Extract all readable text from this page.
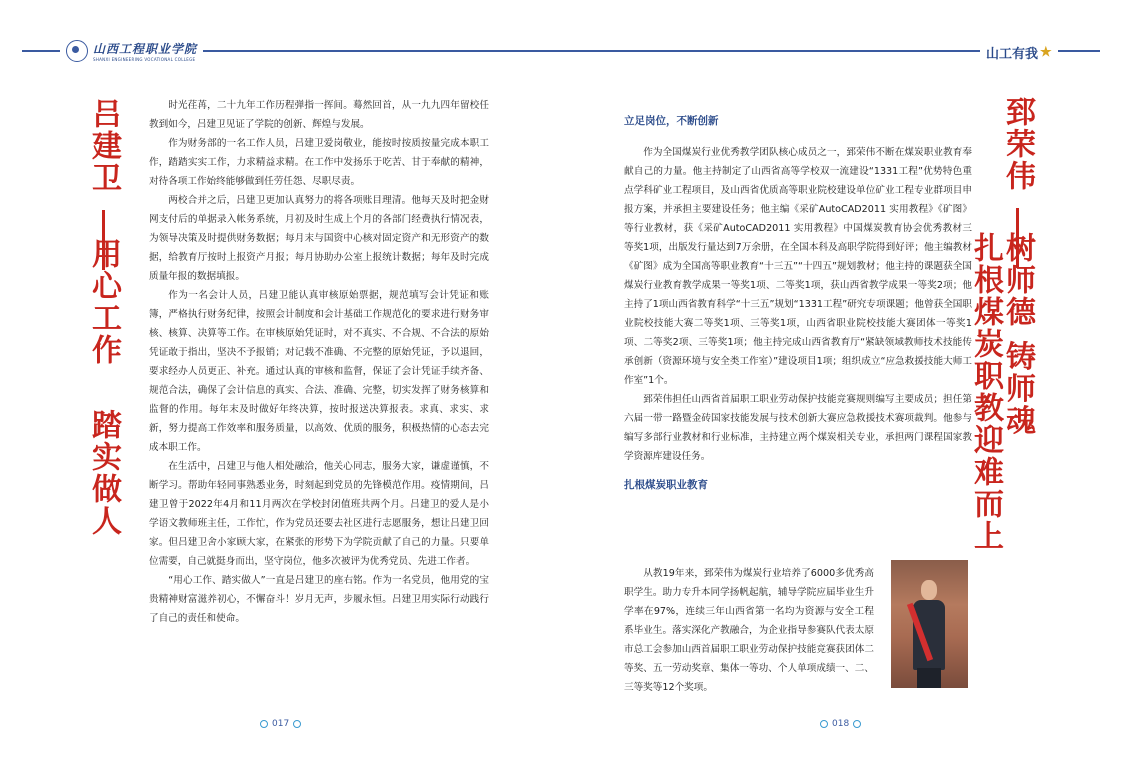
山西工程职业学院
SHANXI ENGINEERING VOCATIONAL COLLEGE
吕建卫
用心工作  踏实做人

时光荏苒，二十九年工作历程弹指一挥间。蓦然回首，从一九九四年留校任教到如今，吕建卫见证了学院的创新、辉煌与发展。

作为财务部的一名工作人员，吕建卫爱岗敬业，能按时按质按量完成本职工作，踏踏实实工作，力求精益求精。在工作中发扬乐于吃苦、甘于奉献的精神，对待各项工作始终能够做到任劳任怨、尽职尽责。

两校合并之后，吕建卫更加认真努力的将各项账目理清。他每天及时把金财网支付后的单据录入帐务系统，月初及时生成上个月的各部门经费执行情况表，为领导决策及时提供财务数据；每月末与国资中心核对固定资产和无形资产的数据，给教育厅按时上报资产月报；每月协助办公室上报统计数据；每年及时完成质量年报的数据填报。

作为一名会计人员，吕建卫能认真审核原始票据，规范填写会计凭证和账簿，严格执行财务纪律，按照会计制度和会计基础工作规范化的要求进行财务审核、核算、决算等工作。在审核原始凭证时，对不真实、不合规、不合法的原始凭证敢于指出，坚决不予报销；对记载不准确、不完整的原始凭证，予以退回，要求经办人员更正、补充。通过认真的审核和监督，保证了会计凭证手续齐备、规范合法，确保了会计信息的真实、合法、准确、完整，切实发挥了财务核算和监督的作用。每年末及时做好年终决算，按时报送决算报表。求真、求实、求新，努力提高工作效率和服务质量，以高效、优质的服务，积极热情的心态去完成本职工作。

在生活中，吕建卫与他人相处融洽，他关心同志，服务大家，谦虚谨慎，不断学习。帮助年轻同事熟悉业务，时刻起到党员的先锋模范作用。疫情期间，吕建卫曾于2022年4月和11月两次在学校封闭值班共两个月。吕建卫的爱人是小学语文教师班主任，工作忙，作为党员还要去社区进行志愿服务，想让吕建卫回家。但吕建卫舍小家顾大家，在紧张的形势下为学院贡献了自己的力量。只要单位需要，自己就挺身而出，坚守岗位，他多次被评为优秀党员、先进工作者。

“用心工作、踏实做人”一直是吕建卫的座右铭。作为一名党员，他用党的宝贵精神财富滋养初心，不懈奋斗！岁月无声，步履永恒。吕建卫用实际行动践行了自己的责任和使命。

017
山工有我 ★

立足岗位，不断创新

作为全国煤炭行业优秀教学团队核心成员之一，郅荣伟不断在煤炭职业教育奉献自己的力量。他主持制定了山西省高等学校双一流建设“1331工程”优势特色重点学科矿业工程项目，及山西省优质高等职业院校建设单位矿业工程专业群项目申报方案，并承担主要建设任务；他主编《采矿AutoCAD2011 实用教程》《矿图》等行业教材，获《采矿AutoCAD2011 实用教程》中国煤炭教育协会优秀教材三等奖1项，出版发行量达到7万余册，在全国本科及高职学院得到好评；他主编教材《矿图》成为全国高等职业教育“十三五”“十四五”规划教材；他主持的课题获全国煤炭行业教育教学成果一等奖1项、二等奖1项，获山西省教学成果一等奖2项；他主持了1项山西省教育科学“十三五”规划“1331工程”研究专项课题；他曾获全国职业院校技能大赛二等奖1项、三等奖1项，山西省职业院校技能大赛团体一等奖1项、二等奖2项、三等奖1项；他主持完成山西省教育厅“紧缺领域教师技术技能传承创新（资源环境与安全类工作室）”建设项目1项；组织成立“应急救援技能大师工作室”1个。

郅荣伟担任山西省首届职工职业劳动保护技能竞赛规则编写主要成员；担任第六届一带一路暨金砖国家技能发展与技术创新大赛应急救援技术赛项裁判。他参与编写多部行业教材和行业标准，主持建立两个煤炭相关专业，承担两门课程国家教学资源库建设任务。

扎根煤炭职业教育

从教19年来，郅荣伟为煤炭行业培养了6000多优秀高职学生。助力专升本同学扬帆起航，辅导学院应届毕业生升学率在97%，连续三年山西省第一名均为资源与安全工程系毕业生。落实深化产教融合，为企业指导参赛队代表太原市总工会参加山西首届职工职业劳动保护技能竞赛获团体二等奖、五一劳动奖章、集体一等功、个人单项成绩一、二、三等奖等12个奖项。

郅荣伟
树师德 铸师魂
扎根煤炭职教迎难而上
018
